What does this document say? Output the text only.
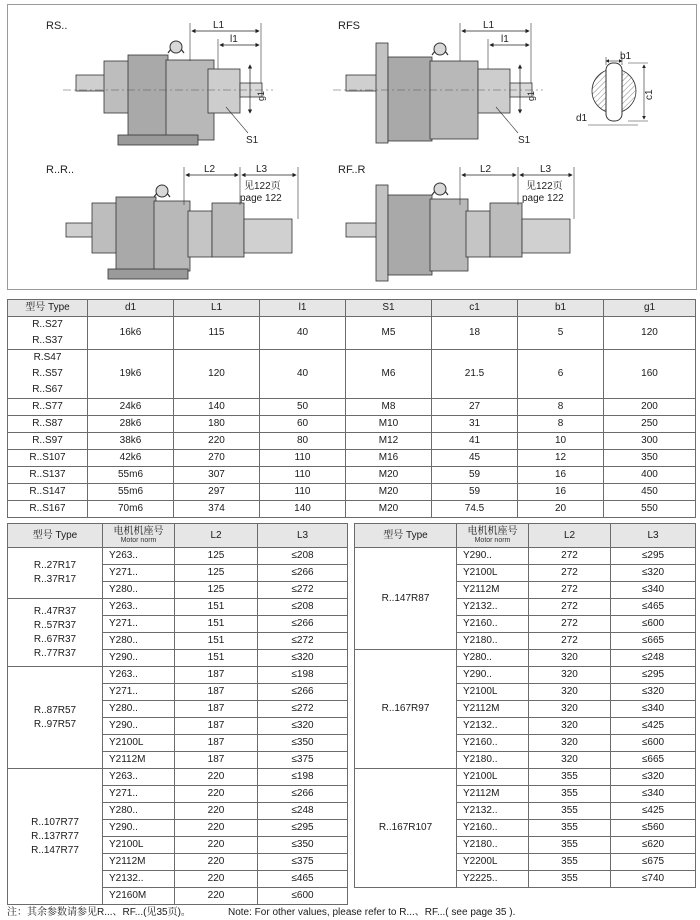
RS..	L1
l1
g1
S1
RFS	L1
l1
g1
S1
b1
c1
d1
R..R..	L2	L3
见122页
page 122
RF..R	L2	L3
见122页
page 122
型号 Type	d1	L1	l1	S1	c1	b1	g1

R..S27
R..S37	16k6	115	40	M5	18	5	120

R.S47
R..S57
R..S67	19k6	120	40	M6	21.5	6	160

R..S77	24k6	140	50	M8	27	8	200

R..S87	28k6	180	60	M10	31	8	250

R..S97	38k6	220	80	M12	41	10	300

R..S107	42k6	270	110	M16	45	12	350

R..S137	55m6	307	110	M20	59	16	400

R..S147	55m6	297	110	M20	59	16	450

R..S167	70m6	374	140	M20	74.5	20	550
型号 Type	电机机座号
Motor norm	L2	L3

R..27R17
R..37R17	Y263..	125	≤208
	Y271..	125	≤266
	Y280..	125	≤272

R..47R37
R..57R37
R..67R37
R..77R37	Y263..	151	≤208
	Y271..	151	≤266
	Y280..	151	≤272
	Y290..	151	≤320

R..87R57
R..97R57	Y263..	187	≤198
	Y271..	187	≤266
	Y280..	187	≤272
	Y290..	187	≤320
	Y2100L	187	≤350
	Y2112M	187	≤375

R..107R77
R..137R77
R..147R77	Y263..	220	≤198
	Y271..	220	≤266
	Y280..	220	≤248
	Y290..	220	≤295
	Y2100L	220	≤350
	Y2112M	220	≤375
	Y2132..	220	≤465
	Y2160M	220	≤600
型号 Type	电机机座号
Motor norm	L2	L3

R..147R87	Y290..	272	≤295
	Y2100L	272	≤320
	Y2112M	272	≤340
	Y2132..	272	≤465
	Y2160..	272	≤600
	Y2180..	272	≤665

R..167R97	Y280..	320	≤248
	Y290..	320	≤295
	Y2100L	320	≤320
	Y2112M	320	≤340
	Y2132..	320	≤425
	Y2160..	320	≤600
	Y2180..	320	≤665

R..167R107	Y2100L	355	≤320
	Y2112M	355	≤340
	Y2132..	355	≤425
	Y2160..	355	≤560
	Y2180..	355	≤620
	Y2200L	355	≤675
	Y2225..	355	≤740
注：其余参数请参见R...、RF...(见35页)。	Note: For other values, please refer to R...、RF...( see page 35 ).
